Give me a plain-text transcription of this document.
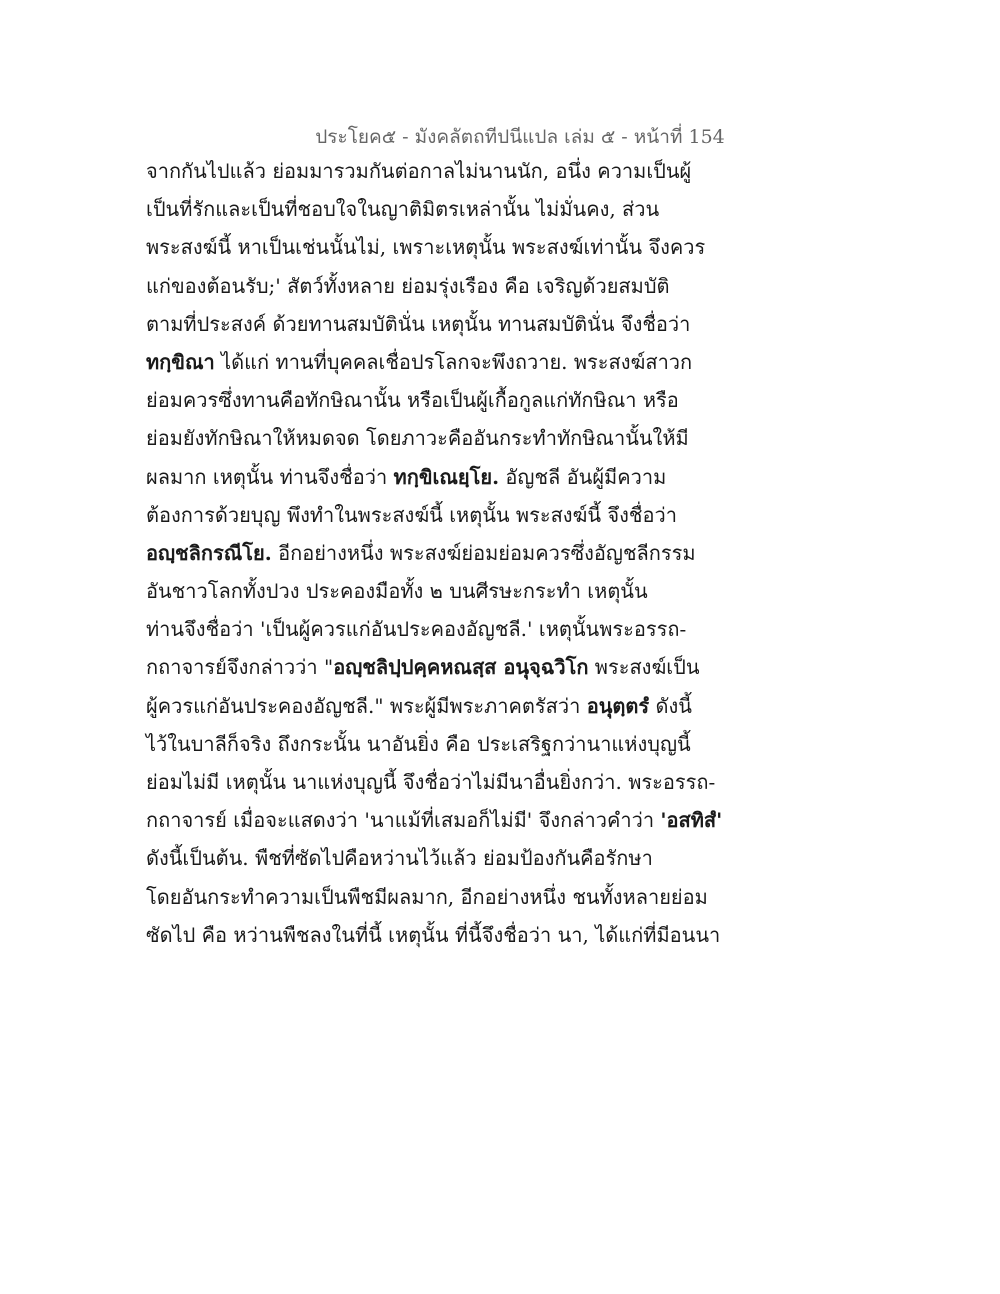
ประโยค๕ - มังคลัตถทีปนีแปล เล่ม ๕ - หน้าที่ 154
จากกันไปแล้ว ย่อมมารวมกันต่อกาลไม่นานนัก, อนึ่ง ความเป็นผู้
เป็นที่รักและเป็นที่ชอบใจในญาติมิตรเหล่านั้น ไม่มั่นคง, ส่วน
พระสงฆ์นี้ หาเป็นเช่นนั้นไม่, เพราะเหตุนั้น พระสงฆ์เท่านั้น จึงควร
แก่ของต้อนรับ;' สัตว์ทั้งหลาย ย่อมรุ่งเรือง คือ เจริญด้วยสมบัติ
ตามที่ประสงค์ ด้วยทานสมบัตินั่น เหตุนั้น ทานสมบัตินั่น จึงชื่อว่า
ทกฺขิณา ได้แก่ ทานที่บุคคลเชื่อปรโลกจะพึงถวาย. พระสงฆ์สาวก
ย่อมควรซึ่งทานคือทักษิณานั้น หรือเป็นผู้เกื้อกูลแก่ทักษิณา หรือ
ย่อมยังทักษิณาให้หมดจด โดยภาวะคืออันกระทำทักษิณานั้นให้มี
ผลมาก เหตุนั้น ท่านจึงชื่อว่า ทกฺขิเณยฺโย. อัญชลี อันผู้มีความ
ต้องการด้วยบุญ พึงทำในพระสงฆ์นี้ เหตุนั้น พระสงฆ์นี้ จึงชื่อว่า
อญฺชลิกรณีโย. อีกอย่างหนึ่ง พระสงฆ์ย่อมย่อมควรซึ่งอัญชลีกรรม
อันชาวโลกทั้งปวง ประคองมือทั้ง ๒ บนศีรษะกระทำ เหตุนั้น
ท่านจึงชื่อว่า 'เป็นผู้ควรแก่อันประคองอัญชลี.' เหตุนั้นพระอรรถ-
กถาจารย์จึงกล่าวว่า "อญฺชลิปฺปคฺคหณสฺส อนุจฺฉวิโก พระสงฆ์เป็น
ผู้ควรแก่อันประคองอัญชลี." พระผู้มีพระภาคตรัสว่า อนุตฺตรํ ดังนี้
ไว้ในบาลีก็จริง ถึงกระนั้น นาอันยิ่ง คือ ประเสริฐกว่านาแห่งบุญนี้
ย่อมไม่มี เหตุนั้น นาแห่งบุญนี้ จึงชื่อว่าไม่มีนาอื่นยิ่งกว่า. พระอรรถ-
กถาจารย์ เมื่อจะแสดงว่า 'นาแม้ที่เสมอก็ไม่มี' จึงกล่าวคำว่า 'อสทิสํ'
ดังนี้เป็นต้น. พืชที่ซัดไปคือหว่านไว้แล้ว ย่อมป้องกันคือรักษา
โดยอันกระทำความเป็นพืชมีผลมาก, อีกอย่างหนึ่ง ชนทั้งหลายย่อม
ซัดไป คือ หว่านพืชลงในที่นี้ เหตุนั้น ที่นี้จึงชื่อว่า นา, ได้แก่ที่มีอนนา
